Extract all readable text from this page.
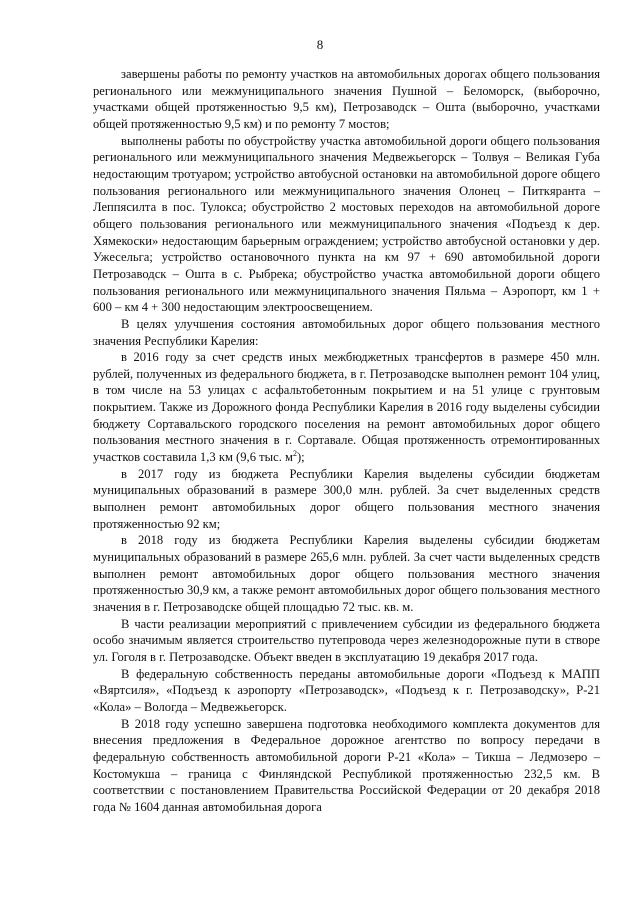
8

завершены работы по ремонту участков на автомобильных дорогах общего пользования регионального или межмуниципального значения Пушной – Беломорск, (выборочно, участками общей протяженностью 9,5 км), Петрозаводск – Оштa (выборочно, участками общей протяженностью 9,5 км) и по ремонту 7 мостов;

выполнены работы по обустройству участка автомобильной дороги общего пользования регионального или межмуниципального значения Медвежьегорск – Толвуя – Великая Губа недостающим тротуаром; устройство автобусной остановки на автомобильной дороге общего пользования регионального или межмуниципального значения Олонец – Питкяранта – Леппясилта в пос. Тулокса; обустройство 2 мостовых переходов на автомобильной дороге общего пользования регионального или межмуниципального значения «Подъезд к дер. Хямекоски» недостающим барьерным ограждением; устройство автобусной остановки у дер. Ужесельга; устройство остановочного пункта на км 97 + 690 автомобильной дороги Петрозаводск – Оштa в с. Рыбрека; обустройство участка автомобильной дороги общего пользования регионального или межмуниципального значения Пяльма – Аэропорт, км 1 + 600 – км 4 + 300 недостающим электроосвещением.

В целях улучшения состояния автомобильных дорог общего пользования местного значения Республики Карелия:

в 2016 году за счет средств иных межбюджетных трансфертов в размере 450 млн. рублей, полученных из федерального бюджета, в г. Петрозаводске выполнен ремонт 104 улиц, в том числе на 53 улицах с асфальтобетонным покрытием и на 51 улице с грунтовым покрытием. Также из Дорожного фонда Республики Карелия в 2016 году выделены субсидии бюджету Сортавальского городского поселения на ремонт автомобильных дорог общего пользования местного значения в г. Сортавале. Общая протяженность отремонтированных участков составила 1,3 км (9,6 тыс. $м^2$);

в 2017 году из бюджета Республики Карелия выделены субсидии бюджетам муниципальных образований в размере 300,0 млн. рублей. За счет выделенных средств выполнен ремонт автомобильных дорог общего пользования местного значения протяженностью 92 км;

в 2018 году из бюджета Республики Карелия выделены субсидии бюджетам муниципальных образований в размере 265,6 млн. рублей. За счет части выделенных средств выполнен ремонт автомобильных дорог общего пользования местного значения протяженностью 30,9 км, а также ремонт автомобильных дорог общего пользования местного значения в г. Петрозаводске общей площадью 72 тыс. кв. м.

В части реализации мероприятий с привлечением субсидии из федерального бюджета особо значимым является строительство путепровода через железнодорожные пути в створе ул. Гоголя в г. Петрозаводске. Объект введен в эксплуатацию 19 декабря 2017 года.

В федеральную собственность переданы автомобильные дороги «Подъезд к МАПП «Вяртсиля», «Подъезд к аэропорту «Петрозаводск», «Подъезд к г. Петрозаводску», Р-21 «Кола» – Вологда – Медвежьегорск.

В 2018 году успешно завершена подготовка необходимого комплекта документов для внесения предложения в Федеральное дорожное агентство по вопросу передачи в федеральную собственность автомобильной дороги Р-21 «Кола» – Тикша – Ледмозеро – Костомукша – граница с Финляндской Республикой протяженностью 232,5 км. В соответствии с постановлением Правительства Российской Федерации от 20 декабря 2018 года № 1604 данная автомобильная дорога
